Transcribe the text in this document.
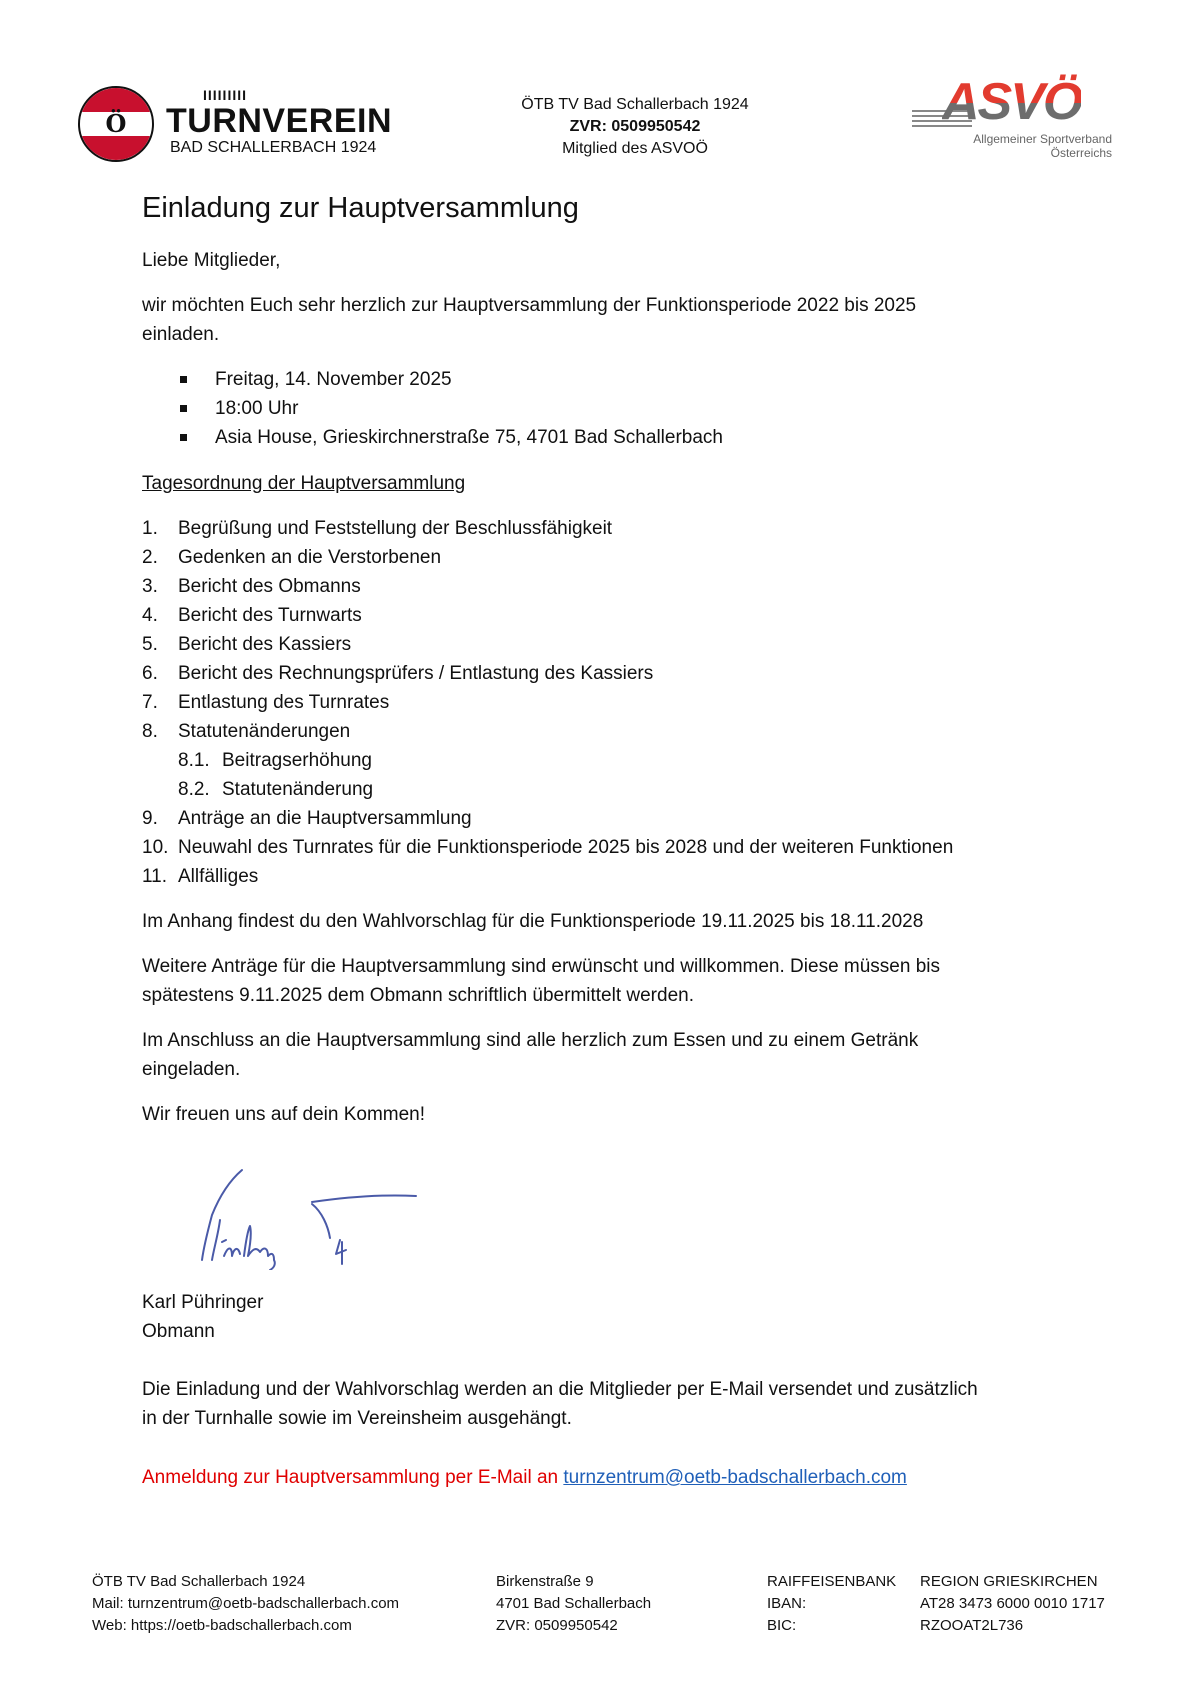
Ö
IIIIIIIII
TURNVEREIN
BAD SCHALLERBACH 1924
ÖTB TV Bad Schallerbach 1924
ZVR: 0509950542
Mitglied des ASVOÖ
ASVÖ
Allgemeiner Sportverband
Österreichs
Einladung zur Hauptversammlung
Liebe Mitglieder,
wir möchten Euch sehr herzlich zur Hauptversammlung der Funktionsperiode 2022 bis 2025
einladen.
Freitag, 14. November 2025
18:00 Uhr
Asia House, Grieskirchnerstraße 75, 4701 Bad Schallerbach
Tagesordnung der Hauptversammlung
1. Begrüßung und Feststellung der Beschlussfähigkeit
2. Gedenken an die Verstorbenen
3. Bericht des Obmanns
4. Bericht des Turnwarts
5. Bericht des Kassiers
6. Bericht des Rechnungsprüfers / Entlastung des Kassiers
7. Entlastung des Turnrates
8. Statutenänderungen
8.1. Beitragserhöhung
8.2. Statutenänderung
9. Anträge an die Hauptversammlung
10. Neuwahl des Turnrates für die Funktionsperiode 2025 bis 2028 und der weiteren Funktionen
11. Allfälliges
Im Anhang findest du den Wahlvorschlag für die Funktionsperiode 19.11.2025 bis 18.11.2028
Weitere Anträge für die Hauptversammlung sind erwünscht und willkommen. Diese müssen bis
spätestens 9.11.2025 dem Obmann schriftlich übermittelt werden.
Im Anschluss an die Hauptversammlung sind alle herzlich zum Essen und zu einem Getränk
eingeladen.
Wir freuen uns auf dein Kommen!
Karl Pühringer
Obmann
Die Einladung und der Wahlvorschlag werden an die Mitglieder per E-Mail versendet und zusätzlich
in der Turnhalle sowie im Vereinsheim ausgehängt.
Anmeldung zur Hauptversammlung per E-Mail an turnzentrum@oetb-badschallerbach.com
ÖTB TV Bad Schallerbach 1924
Mail: turnzentrum@oetb-badschallerbach.com
Web: https://oetb-badschallerbach.com
Birkenstraße 9
4701 Bad Schallerbach
ZVR: 0509950542
RAIFFEISENBANK
IBAN:
BIC:
REGION GRIESKIRCHEN
AT28 3473 6000 0010 1717
RZOOAT2L736
